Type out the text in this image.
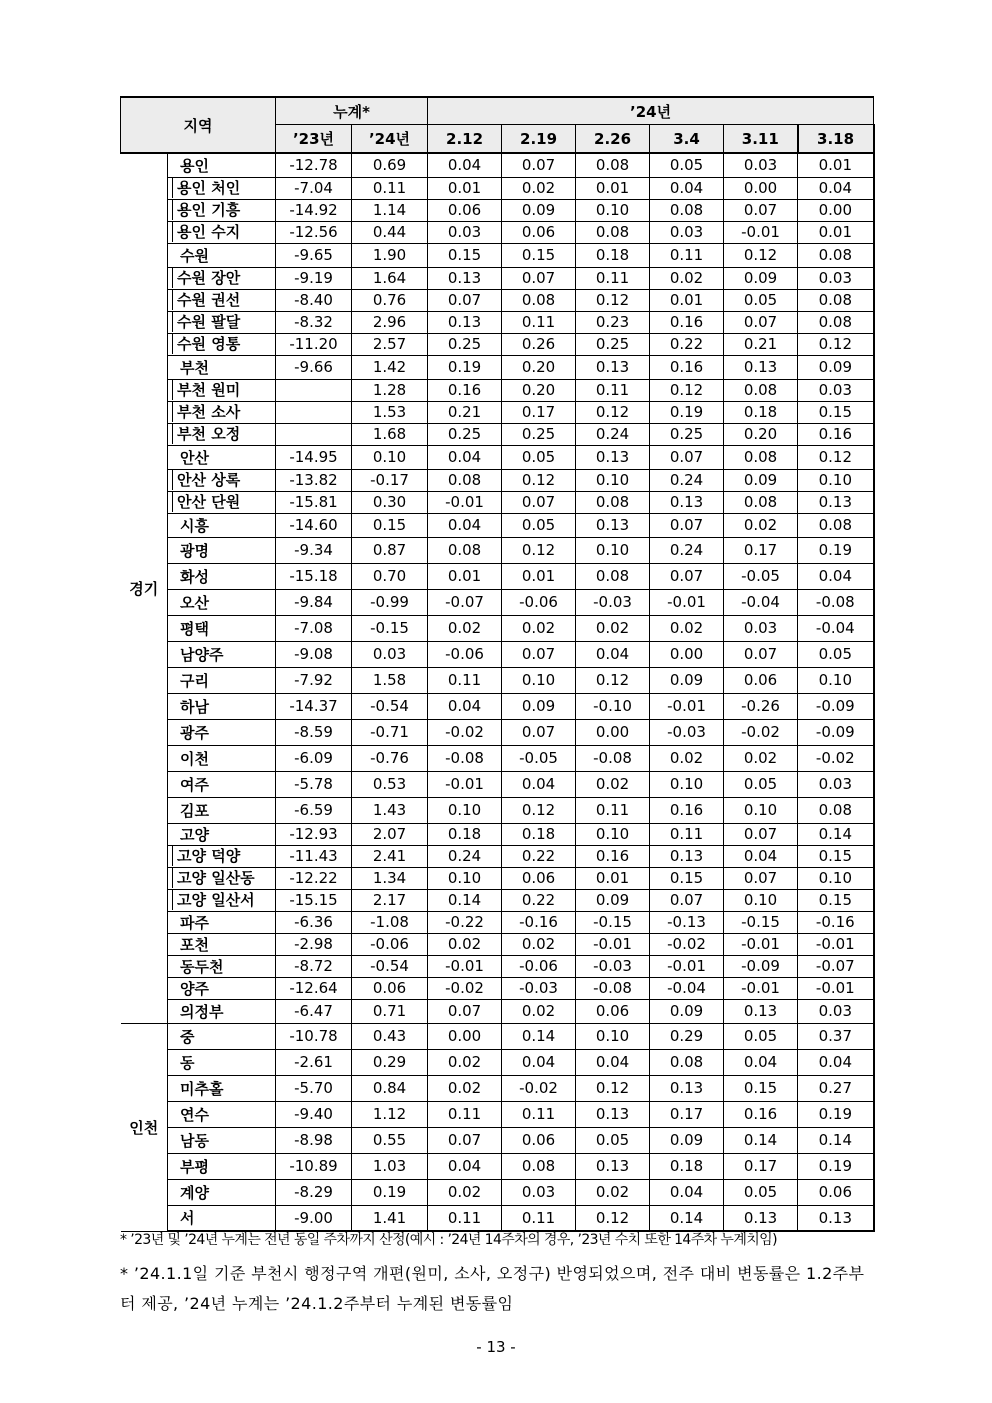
지역		누계*		’24년					
		’23년	’24년	2.12	2.19	2.26	3.4	3.11	3.18
경기	용인	-12.78	0.69	0.04	0.07	0.08	0.05	0.03	0.01
	용인 처인	-7.04	0.11	0.01	0.02	0.01	0.04	0.00	0.04
	용인 기흥	-14.92	1.14	0.06	0.09	0.10	0.08	0.07	0.00
	용인 수지	-12.56	0.44	0.03	0.06	0.08	0.03	-0.01	0.01
	수원	-9.65	1.90	0.15	0.15	0.18	0.11	0.12	0.08
	수원 장안	-9.19	1.64	0.13	0.07	0.11	0.02	0.09	0.03
	수원 권선	-8.40	0.76	0.07	0.08	0.12	0.01	0.05	0.08
	수원 팔달	-8.32	2.96	0.13	0.11	0.23	0.16	0.07	0.08
	수원 영통	-11.20	2.57	0.25	0.26	0.25	0.22	0.21	0.12
	부천	-9.66	1.42	0.19	0.20	0.13	0.16	0.13	0.09
	부천 원미		1.28	0.16	0.20	0.11	0.12	0.08	0.03
	부천 소사		1.53	0.21	0.17	0.12	0.19	0.18	0.15
	부천 오정		1.68	0.25	0.25	0.24	0.25	0.20	0.16
	안산	-14.95	0.10	0.04	0.05	0.13	0.07	0.08	0.12
	안산 상록	-13.82	-0.17	0.08	0.12	0.10	0.24	0.09	0.10
	안산 단원	-15.81	0.30	-0.01	0.07	0.08	0.13	0.08	0.13
	시흥	-14.60	0.15	0.04	0.05	0.13	0.07	0.02	0.08
	광명	-9.34	0.87	0.08	0.12	0.10	0.24	0.17	0.19
	화성	-15.18	0.70	0.01	0.01	0.08	0.07	-0.05	0.04
	오산	-9.84	-0.99	-0.07	-0.06	-0.03	-0.01	-0.04	-0.08
	평택	-7.08	-0.15	0.02	0.02	0.02	0.02	0.03	-0.04
	남양주	-9.08	0.03	-0.06	0.07	0.04	0.00	0.07	0.05
	구리	-7.92	1.58	0.11	0.10	0.12	0.09	0.06	0.10
	하남	-14.37	-0.54	0.04	0.09	-0.10	-0.01	-0.26	-0.09
	광주	-8.59	-0.71	-0.02	0.07	0.00	-0.03	-0.02	-0.09
	이천	-6.09	-0.76	-0.08	-0.05	-0.08	0.02	0.02	-0.02
	여주	-5.78	0.53	-0.01	0.04	0.02	0.10	0.05	0.03
	김포	-6.59	1.43	0.10	0.12	0.11	0.16	0.10	0.08
	고양	-12.93	2.07	0.18	0.18	0.10	0.11	0.07	0.14
	고양 덕양	-11.43	2.41	0.24	0.22	0.16	0.13	0.04	0.15
	고양 일산동	-12.22	1.34	0.10	0.06	0.01	0.15	0.07	0.10
	고양 일산서	-15.15	2.17	0.14	0.22	0.09	0.07	0.10	0.15
	파주	-6.36	-1.08	-0.22	-0.16	-0.15	-0.13	-0.15	-0.16
	포천	-2.98	-0.06	0.02	0.02	-0.01	-0.02	-0.01	-0.01
	동두천	-8.72	-0.54	-0.01	-0.06	-0.03	-0.01	-0.09	-0.07
	양주	-12.64	0.06	-0.02	-0.03	-0.08	-0.04	-0.01	-0.01
	의정부	-6.47	0.71	0.07	0.02	0.06	0.09	0.13	0.03
인천	중	-10.78	0.43	0.00	0.14	0.10	0.29	0.05	0.37
	동	-2.61	0.29	0.02	0.04	0.04	0.08	0.04	0.04
	미추홀	-5.70	0.84	0.02	-0.02	0.12	0.13	0.15	0.27
	연수	-9.40	1.12	0.11	0.11	0.13	0.17	0.16	0.19
	남동	-8.98	0.55	0.07	0.06	0.05	0.09	0.14	0.14
	부평	-10.89	1.03	0.04	0.08	0.13	0.18	0.17	0.19
	계양	-8.29	0.19	0.02	0.03	0.02	0.04	0.05	0.06
	서	-9.00	1.41	0.11	0.11	0.12	0.14	0.13	0.13
* ’23년 및 ’24년 누계는 전년 동일 주차까지 산정(예시 : ’24년 14주차의 경우, ’23년 수치 또한 14주차 누계치임)
* ’24.1.1일 기준 부천시 행정구역 개편(원미, 소사, 오정구) 반영되었으며, 전주 대비 변동률은 1.2주부터 제공, ’24년 누계는 ’24.1.2주부터 누계된 변동률임
- 13 -
